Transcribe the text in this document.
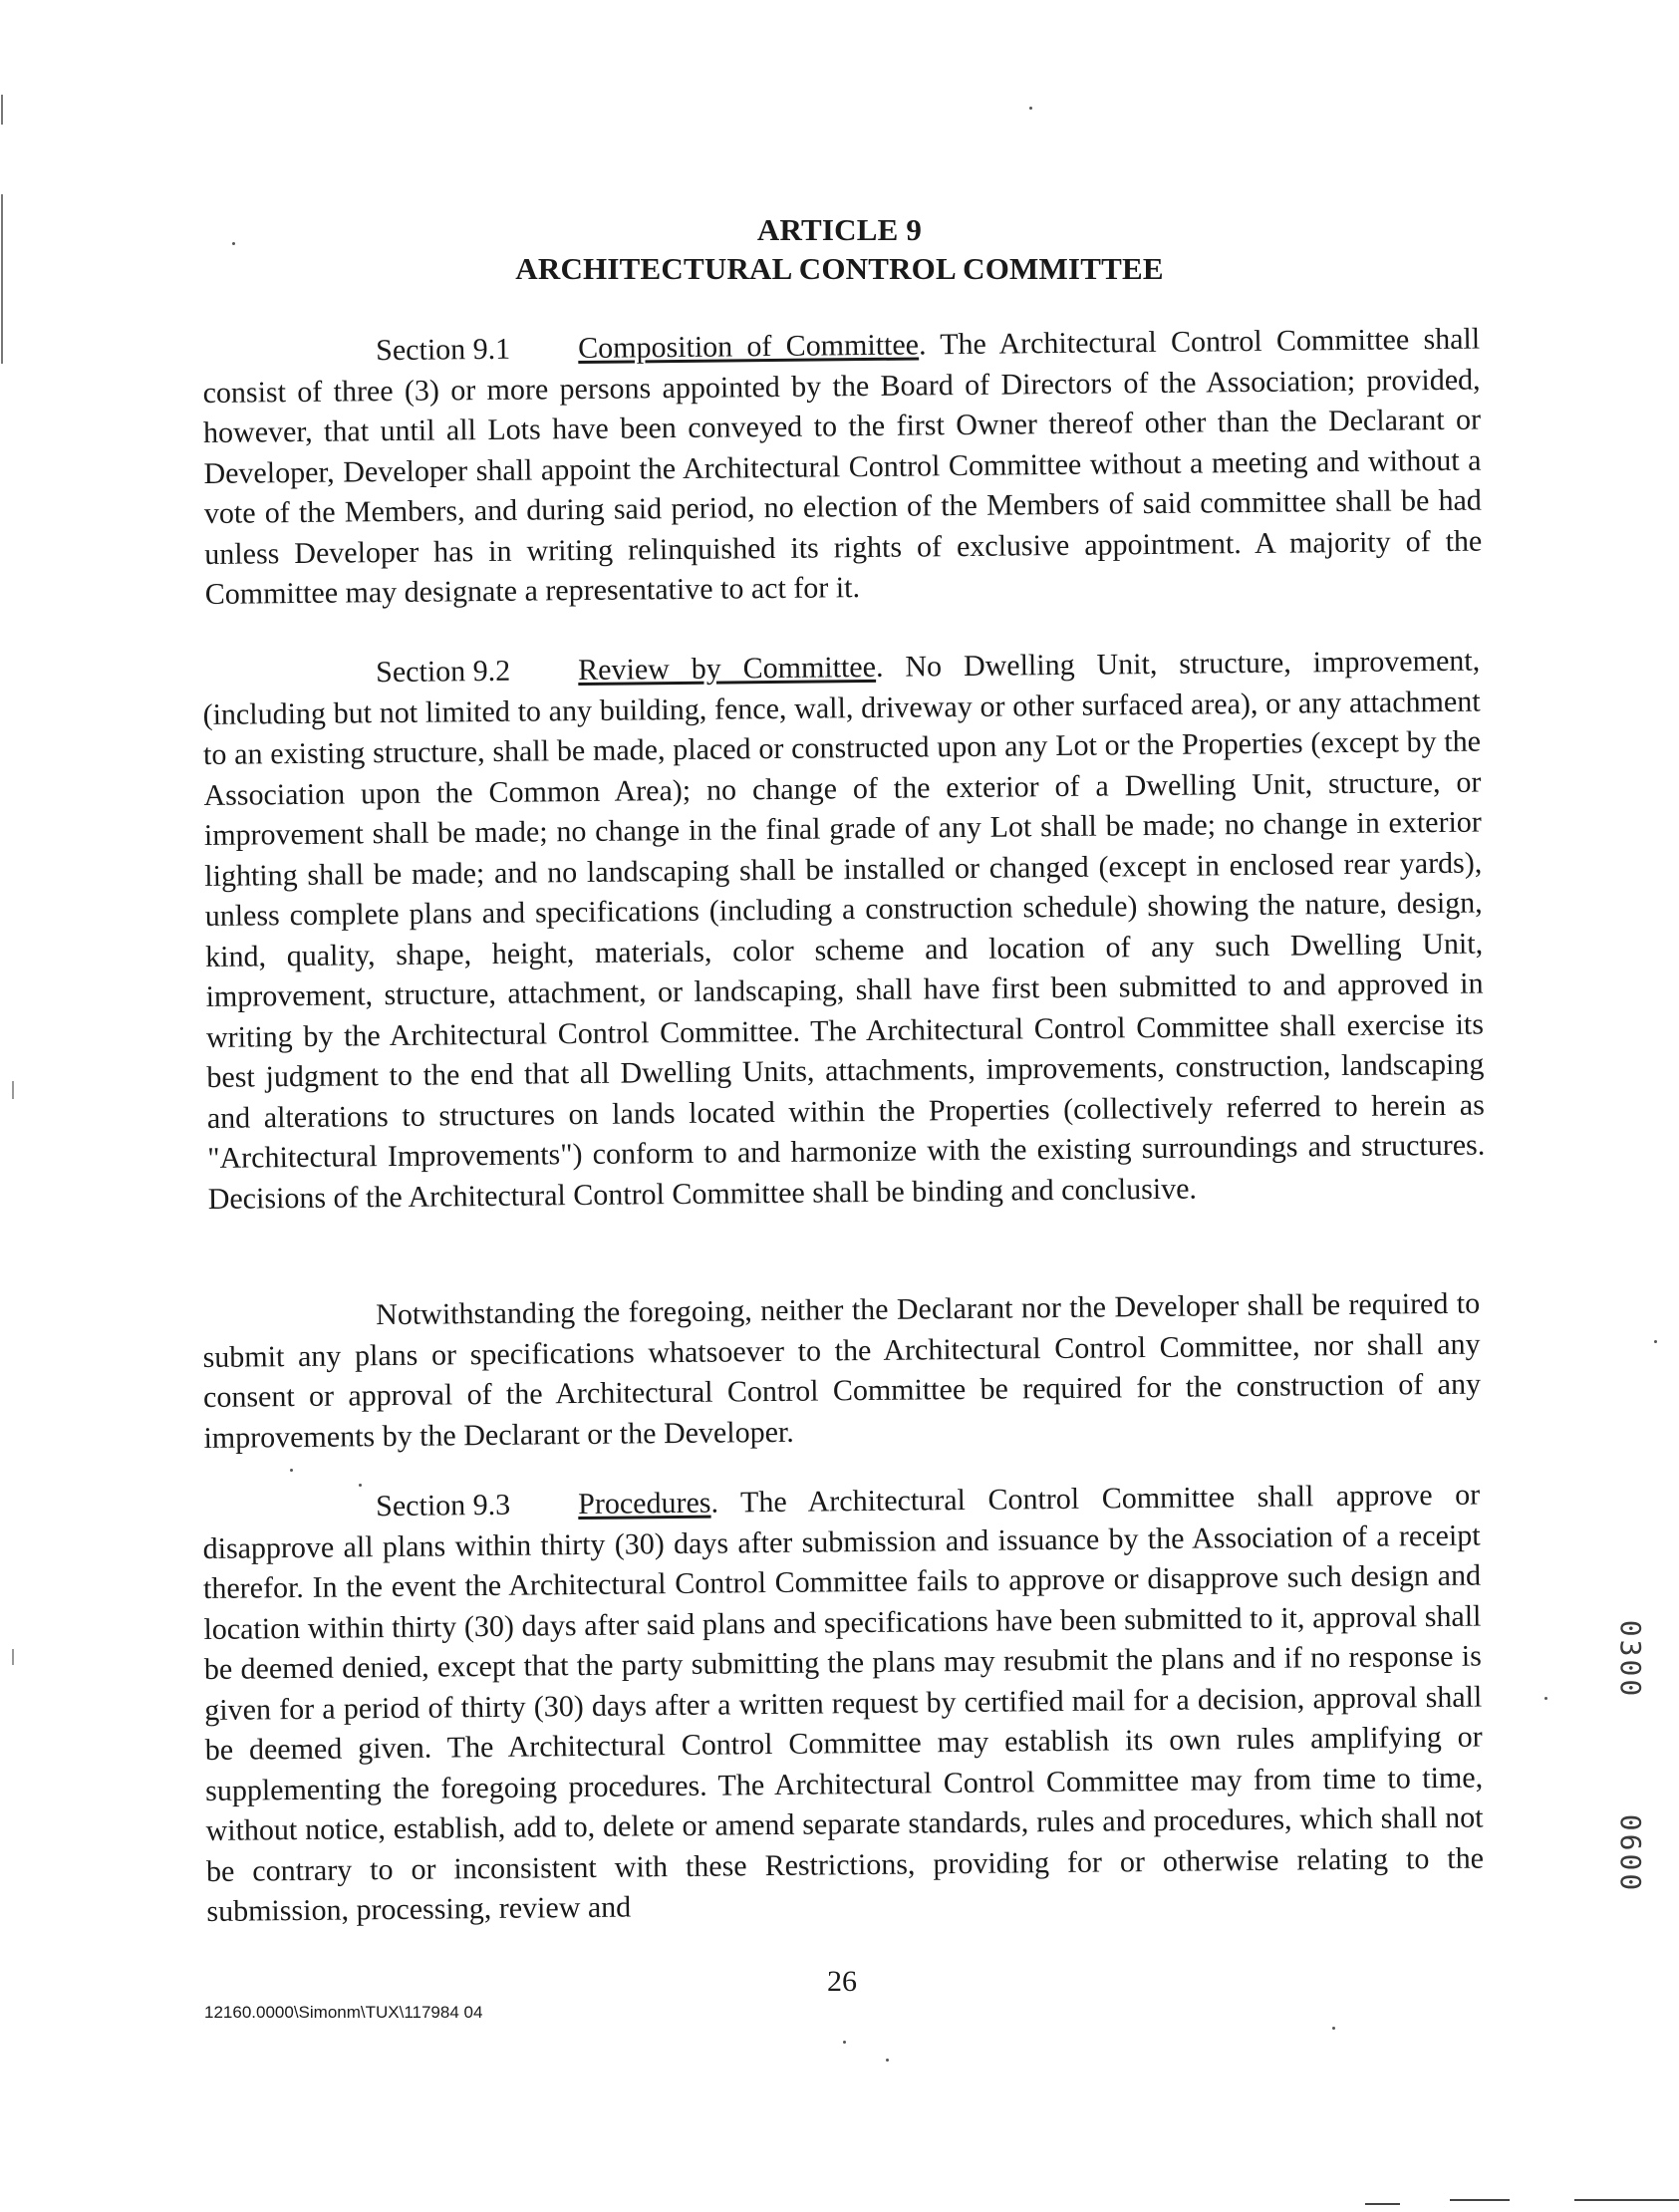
ARTICLE 9
ARCHITECTURAL CONTROL COMMITTEE
Section 9.1 Composition of Committee. The Architectural Control Committee shall consist of three (3) or more persons appointed by the Board of Directors of the Association; provided, however, that until all Lots have been conveyed to the first Owner thereof other than the Declarant or Developer, Developer shall appoint the Architectural Control Committee without a meeting and without a vote of the Members, and during said period, no election of the Members of said committee shall be had unless Developer has in writing relinquished its rights of exclusive appointment. A majority of the Committee may designate a representative to act for it.
Section 9.2 Review by Committee. No Dwelling Unit, structure, improvement, (including but not limited to any building, fence, wall, driveway or other surfaced area), or any attachment to an existing structure, shall be made, placed or constructed upon any Lot or the Properties (except by the Association upon the Common Area); no change of the exterior of a Dwelling Unit, structure, or improvement shall be made; no change in the final grade of any Lot shall be made; no change in exterior lighting shall be made; and no landscaping shall be installed or changed (except in enclosed rear yards), unless complete plans and specifications (including a construction schedule) showing the nature, design, kind, quality, shape, height, materials, color scheme and location of any such Dwelling Unit, improvement, structure, attachment, or landscaping, shall have first been submitted to and approved in writing by the Architectural Control Committee. The Architectural Control Committee shall exercise its best judgment to the end that all Dwelling Units, attachments, improvements, construction, landscaping and alterations to structures on lands located within the Properties (collectively referred to herein as "Architectural Improvements") conform to and harmonize with the existing surroundings and structures. Decisions of the Architectural Control Committee shall be binding and conclusive.
Notwithstanding the foregoing, neither the Declarant nor the Developer shall be required to submit any plans or specifications whatsoever to the Architectural Control Committee, nor shall any consent or approval of the Architectural Control Committee be required for the construction of any improvements by the Declarant or the Developer.
Section 9.3 Procedures. The Architectural Control Committee shall approve or disapprove all plans within thirty (30) days after submission and issuance by the Association of a receipt therefor. In the event the Architectural Control Committee fails to approve or disapprove such design and location within thirty (30) days after said plans and specifications have been submitted to it, approval shall be deemed denied, except that the party submitting the plans may resubmit the plans and if no response is given for a period of thirty (30) days after a written request by certified mail for a decision, approval shall be deemed given. The Architectural Control Committee may establish its own rules amplifying or supplementing the foregoing procedures. The Architectural Control Committee may from time to time, without notice, establish, add to, delete or amend separate standards, rules and procedures, which shall not be contrary to or inconsistent with these Restrictions, providing for or otherwise relating to the submission, processing, review and
12160.0000\Simonm\TUX\117984 04
26
0300
0600
